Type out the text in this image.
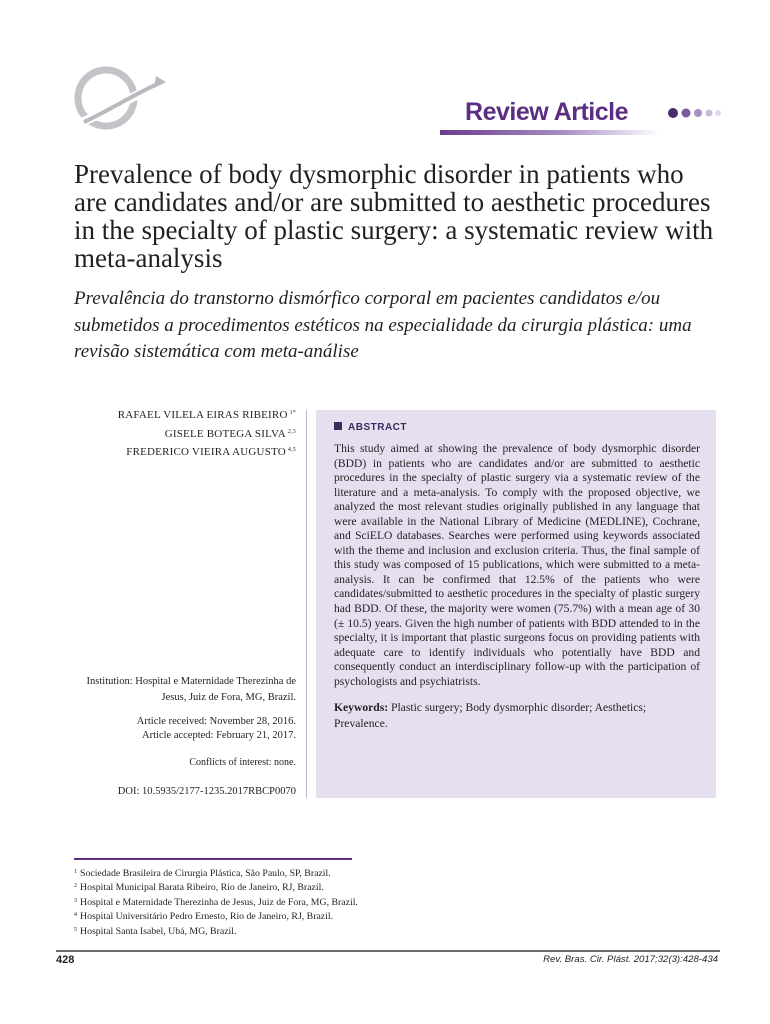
Review Article
Prevalence of body dysmorphic disorder in patients who are candidates and/or are submitted to aesthetic procedures in the specialty of plastic surgery: a systematic review with meta-analysis
Prevalência do transtorno dismórfico corporal em pacientes candidatos e/ou submetidos a procedimentos estéticos na especialidade da cirurgia plástica: uma revisão sistemática com meta-análise
RAFAEL VILELA EIRAS RIBEIRO $^{1*}$
GISELE BOTEGA SILVA $^{2,3}$
FREDERICO VIEIRA AUGUSTO $^{4,5}$
Institution: Hospital e Maternidade Therezinha de Jesus, Juiz de Fora, MG, Brazil.
Article received: November 28, 2016.
Article accepted: February 21, 2017.
Conflicts of interest: none.
DOI: 10.5935/2177-1235.2017RBCP0070
ABSTRACT

This study aimed at showing the prevalence of body dysmorphic disorder (BDD) in patients who are candidates and/or are submitted to aesthetic procedures in the specialty of plastic surgery via a systematic review of the literature and a meta-analysis. To comply with the proposed objective, we analyzed the most relevant studies originally published in any language that were available in the National Library of Medicine (MEDLINE), Cochrane, and SciELO databases. Searches were performed using keywords associated with the theme and inclusion and exclusion criteria. Thus, the final sample of this study was composed of 15 publications, which were submitted to a meta-analysis. It can be confirmed that 12.5% of the patients who were candidates/submitted to aesthetic procedures in the specialty of plastic surgery had BDD. Of these, the majority were women (75.7%) with a mean age of 30 (± 10.5) years. Given the high number of patients with BDD attended to in the specialty, it is important that plastic surgeons focus on providing patients with adequate care to identify individuals who potentially have BDD and consequently conduct an interdisciplinary follow-up with the participation of psychologists and psychiatrists.

Keywords: Plastic surgery; Body dysmorphic disorder; Aesthetics; Prevalence.

$^1$ Sociedade Brasileira de Cirurgia Plástica, São Paulo, SP, Brazil.
$^2$ Hospital Municipal Barata Ribeiro, Rio de Janeiro, RJ, Brazil.
$^3$ Hospital e Maternidade Therezinha de Jesus, Juiz de Fora, MG, Brazil.
$^4$ Hospital Universitário Pedro Ernesto, Rio de Janeiro, RJ, Brazil.
$^5$ Hospital Santa Isabel, Ubá, MG, Brazil.
428	Rev. Bras. Cir. Plást. 2017;32(3):428-434
